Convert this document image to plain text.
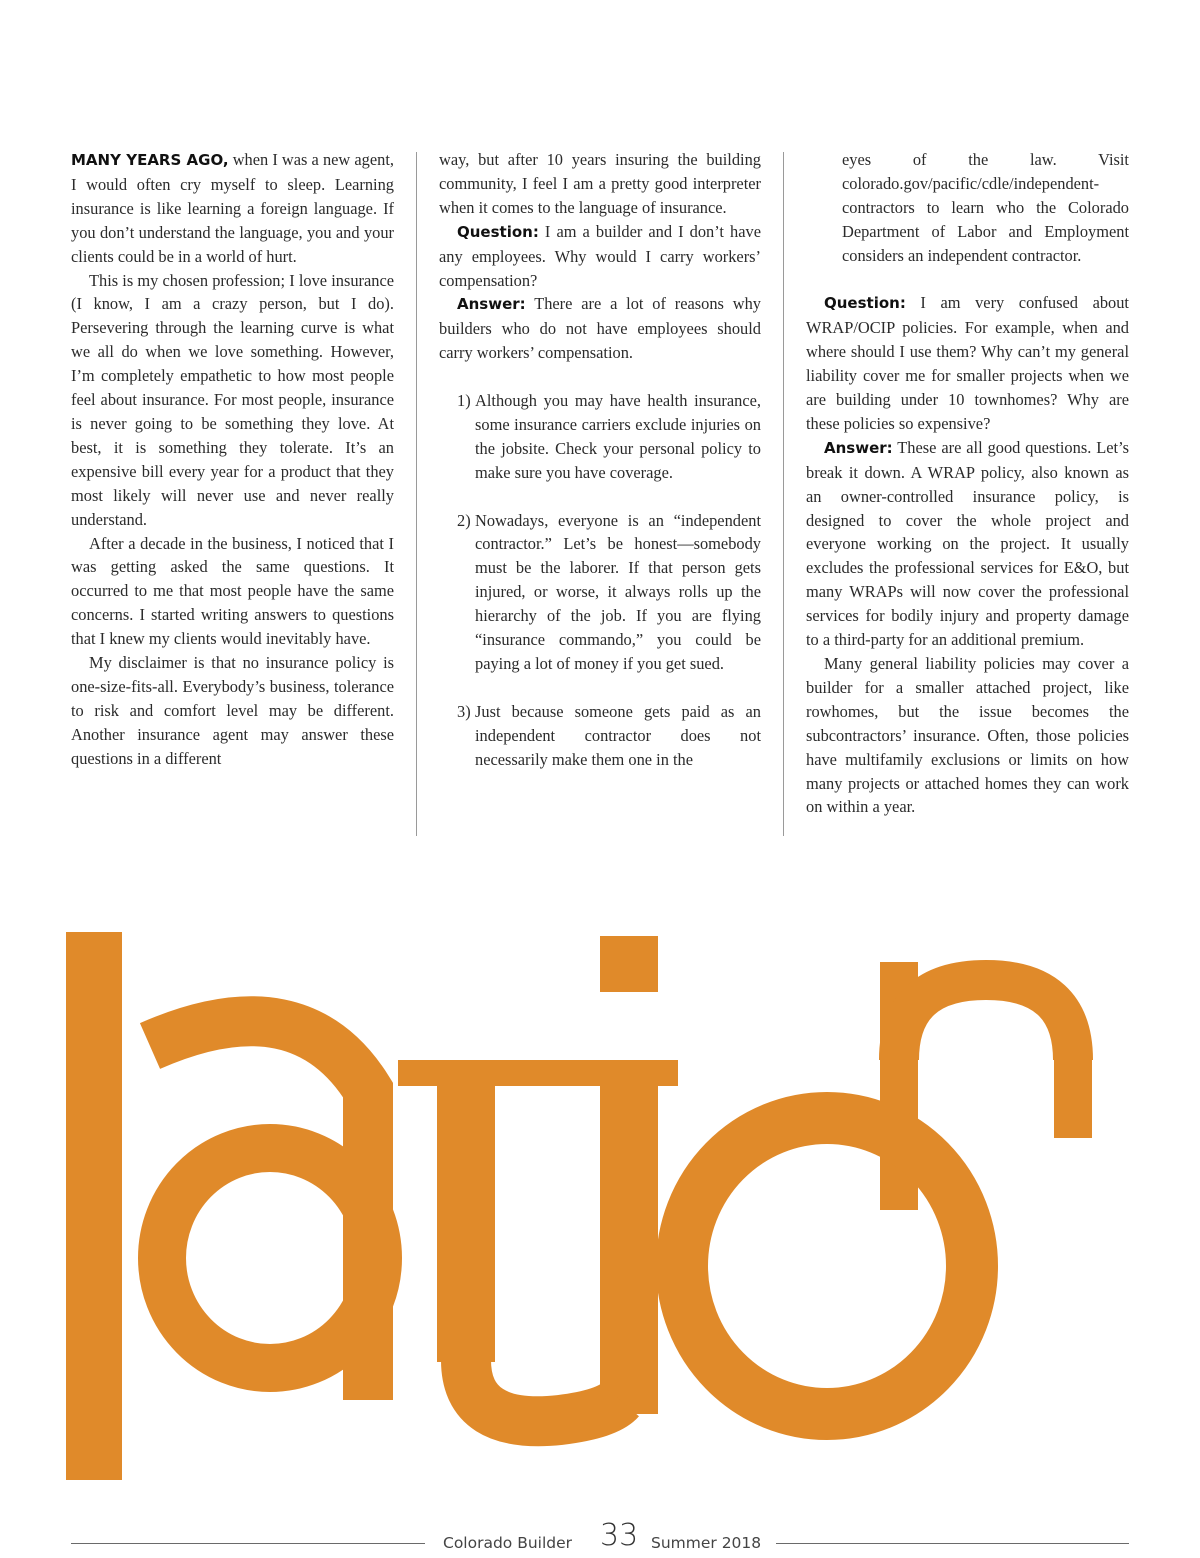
MANY YEARS AGO, when I was a new agent, I would often cry myself to sleep. Learning insurance is like learning a foreign language. If you don’t understand the language, you and your clients could be in a world of hurt.

This is my chosen profession; I love insurance (I know, I am a crazy person, but I do). Persevering through the learning curve is what we all do when we love something. However, I’m completely empathetic to how most people feel about insurance. For most people, insurance is never going to be something they love. At best, it is something they tolerate. It’s an expensive bill every year for a product that they most likely will never use and never really understand.

After a decade in the business, I noticed that I was getting asked the same questions. It occurred to me that most people have the same concerns. I started writing answers to questions that I knew my clients would inevitably have.

My disclaimer is that no insurance policy is one-size-fits-all. Everybody’s business, tolerance to risk and comfort level may be different. Another insurance agent may answer these questions in a different

way, but after 10 years insuring the building community, I feel I am a pretty good interpreter when it comes to the language of insurance.

Question: I am a builder and I don’t have any employees. Why would I carry workers’ compensation?

Answer: There are a lot of reasons why builders who do not have employees should carry workers’ compensation.

1) Although you may have health insurance, some insurance carriers exclude injuries on the jobsite. Check your personal policy to make sure you have coverage.
2) Nowadays, everyone is an “independent contractor.” Let’s be honest—somebody must be the laborer. If that person gets injured, or worse, it always rolls up the hierarchy of the job. If you are flying “insurance commando,” you could be paying a lot of money if you get sued.
3) Just because someone gets paid as an independent contractor does not necessarily make them one in the

eyes of the law. Visit colorado.gov/pacific/cdle/independent-contractors to learn who the Colorado Department of Labor and Employment considers an independent contractor.

Question: I am very confused about WRAP/OCIP policies. For example, when and where should I use them? Why can’t my general liability cover me for smaller projects when we are building under 10 townhomes? Why are these policies so expensive?

Answer: These are all good questions. Let’s break it down. A WRAP policy, also known as an owner-controlled insurance policy, is designed to cover the whole project and everyone working on the project. It usually excludes the professional services for E&O, but many WRAPs will now cover the professional services for bodily injury and property damage to a third-party for an additional premium.

Many general liability policies may cover a builder for a smaller attached project, like rowhomes, but the issue becomes the subcontractors’ insurance. Often, those policies have multifamily exclusions or limits on how many projects or attached homes they can work on within a year.

Colorado Builder 33 Summer 2018
